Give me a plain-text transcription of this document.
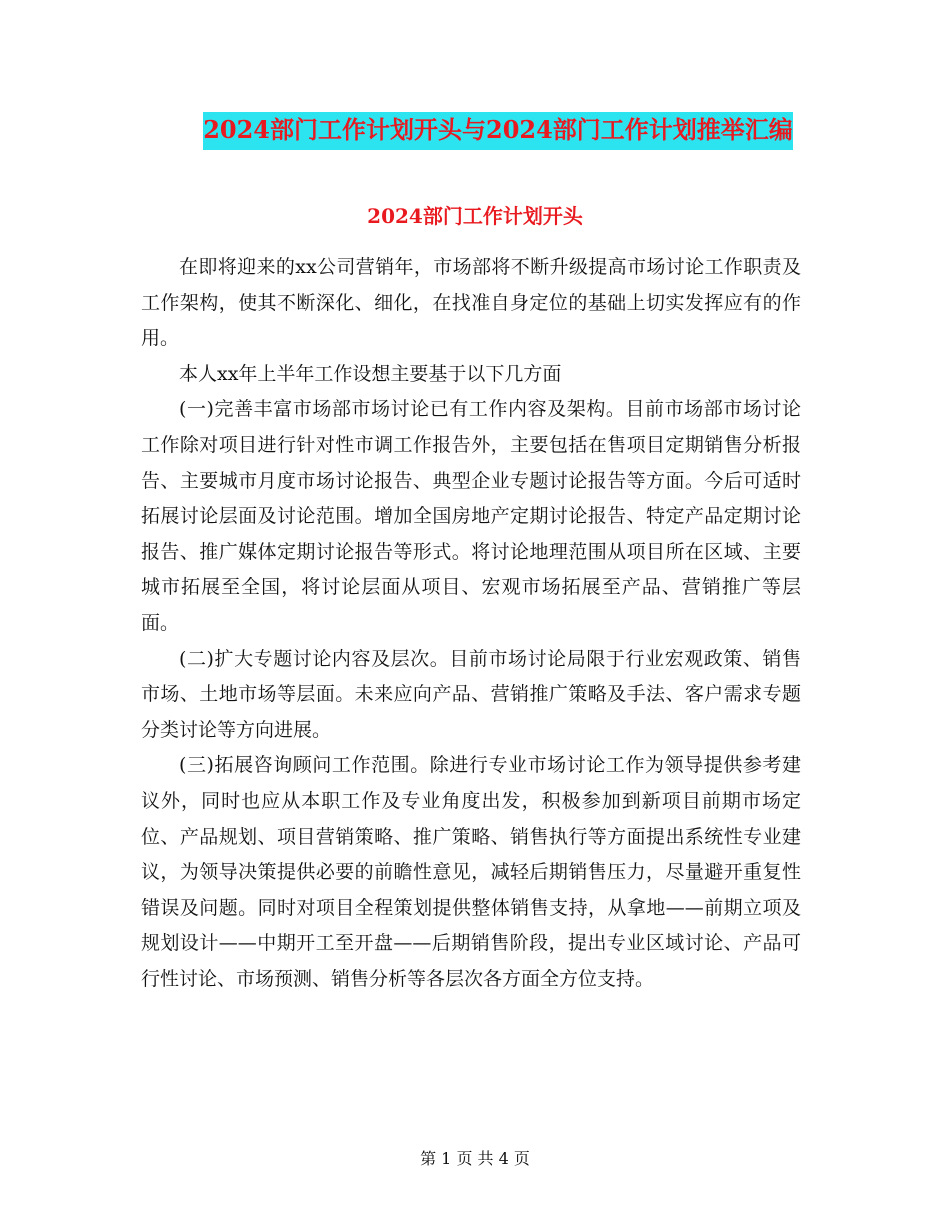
2024部门工作计划开头与2024部门工作计划推举汇编
2024部门工作计划开头

在即将迎来的xx公司营销年，市场部将不断升级提高市场讨论工作职责及工作架构，使其不断深化、细化，在找准自身定位的基础上切实发挥应有的作用。

本人xx年上半年工作设想主要基于以下几方面

(一)完善丰富市场部市场讨论已有工作内容及架构。目前市场部市场讨论工作除对项目进行针对性市调工作报告外，主要包括在售项目定期销售分析报告、主要城市月度市场讨论报告、典型企业专题讨论报告等方面。今后可适时拓展讨论层面及讨论范围。增加全国房地产定期讨论报告、特定产品定期讨论报告、推广媒体定期讨论报告等形式。将讨论地理范围从项目所在区域、主要城市拓展至全国，将讨论层面从项目、宏观市场拓展至产品、营销推广等层面。

(二)扩大专题讨论内容及层次。目前市场讨论局限于行业宏观政策、销售市场、土地市场等层面。未来应向产品、营销推广策略及手法、客户需求专题分类讨论等方向进展。

(三)拓展咨询顾问工作范围。除进行专业市场讨论工作为领导提供参考建议外，同时也应从本职工作及专业角度出发，积极参加到新项目前期市场定位、产品规划、项目营销策略、推广策略、销售执行等方面提出系统性专业建议，为领导决策提供必要的前瞻性意见，减轻后期销售压力，尽量避开重复性错误及问题。同时对项目全程策划提供整体销售支持，从拿地——前期立项及规划设计——中期开工至开盘——后期销售阶段，提出专业区域讨论、产品可行性讨论、市场预测、销售分析等各层次各方面全方位支持。

第 1 页 共 4 页
